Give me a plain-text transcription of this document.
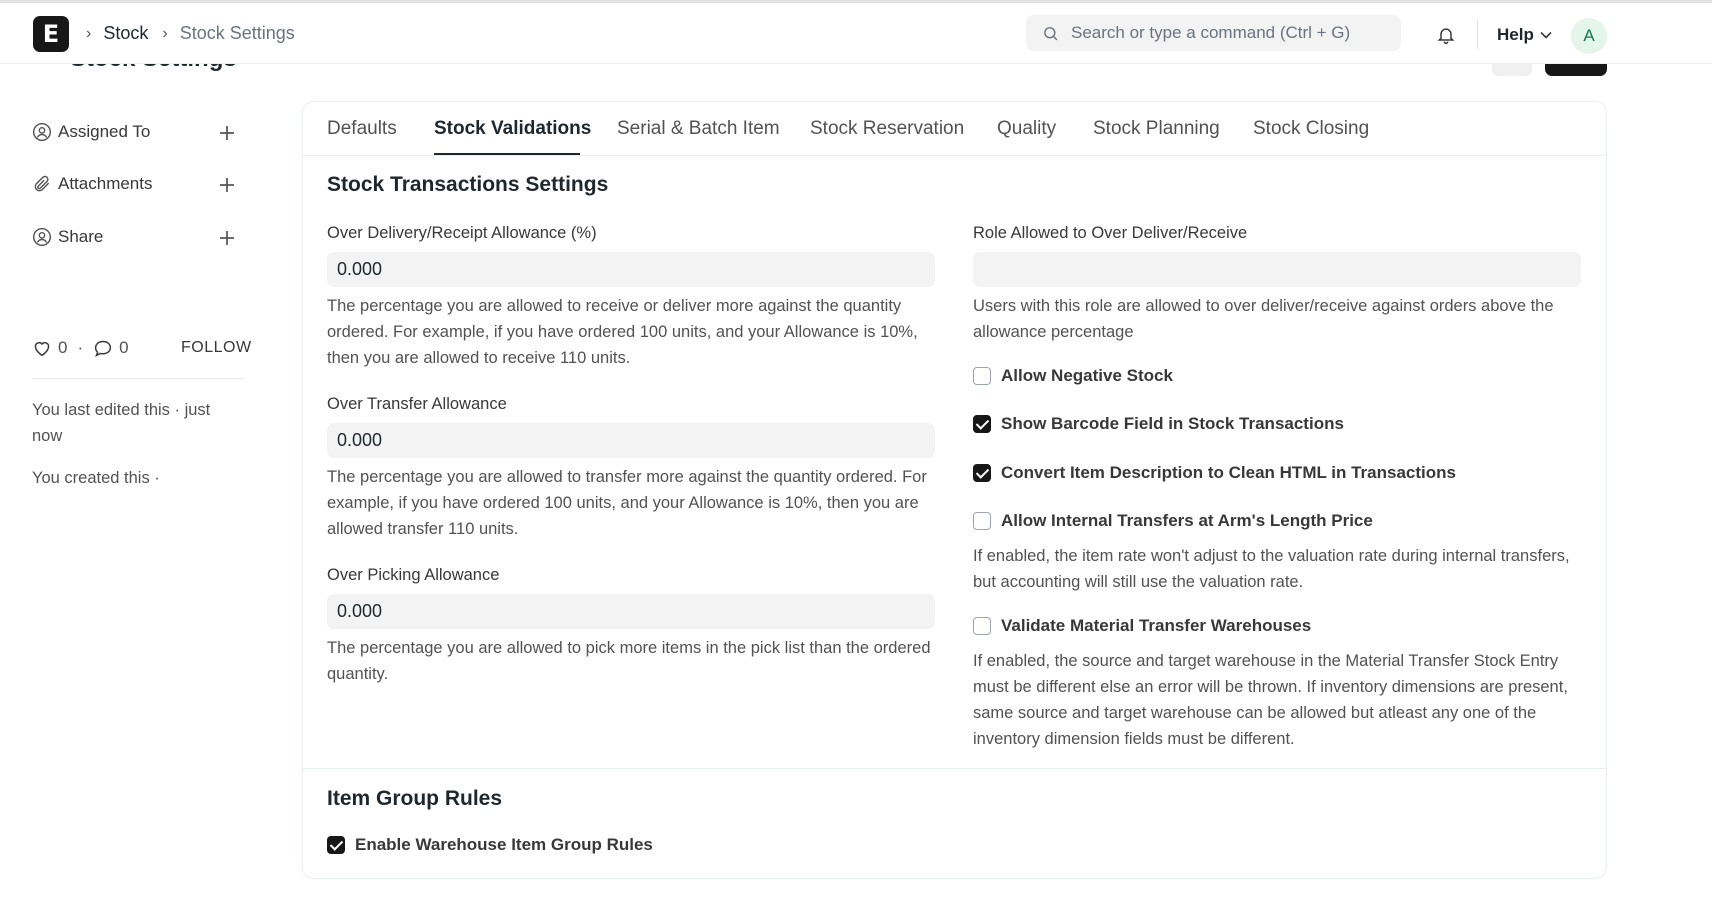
E	› Stock › Stock Settings	Search or type a command (Ctrl + G)	Help	A
Assigned To
Attachments
Share
0 · 0	FOLLOW
You last edited this · just now
You created this ·
Defaults Stock Validations Serial & Batch Item Stock Reservation Quality Stock Planning Stock Closing
Stock Transactions Settings
Over Delivery/Receipt Allowance (%)
0.000
The percentage you are allowed to receive or deliver more against the quantity ordered. For example, if you have ordered 100 units, and your Allowance is 10%, then you are allowed to receive 110 units.
Over Transfer Allowance
0.000
The percentage you are allowed to transfer more against the quantity ordered. For example, if you have ordered 100 units, and your Allowance is 10%, then you are allowed transfer 110 units.
Over Picking Allowance
0.000
The percentage you are allowed to pick more items in the pick list than the ordered quantity.
Role Allowed to Over Deliver/Receive
Users with this role are allowed to over deliver/receive against orders above the allowance percentage
Allow Negative Stock
Show Barcode Field in Stock Transactions
Convert Item Description to Clean HTML in Transactions
Allow Internal Transfers at Arm's Length Price
If enabled, the item rate won't adjust to the valuation rate during internal transfers, but accounting will still use the valuation rate.
Validate Material Transfer Warehouses
If enabled, the source and target warehouse in the Material Transfer Stock Entry must be different else an error will be thrown. If inventory dimensions are present, same source and target warehouse can be allowed but atleast any one of the inventory dimension fields must be different.
Item Group Rules
Enable Warehouse Item Group Rules
